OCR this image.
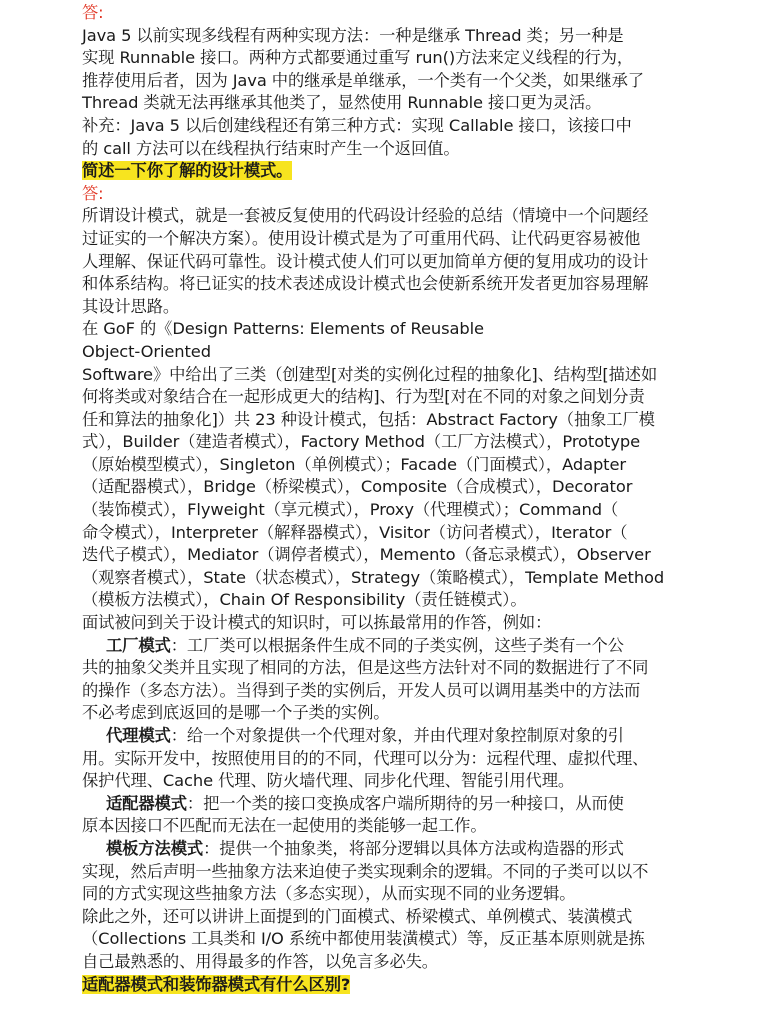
答:
Java 5 以前实现多线程有两种实现方法：一种是继承 Thread 类；另一种是
实现 Runnable 接口。两种方式都要通过重写 run()方法来定义线程的行为，
推荐使用后者，因为 Java 中的继承是单继承，一个类有一个父类，如果继承了
Thread 类就无法再继承其他类了，显然使用 Runnable 接口更为灵活。
补充：Java 5 以后创建线程还有第三种方式：实现 Callable 接口，该接口中
的 call 方法可以在线程执行结束时产生一个返回值。
简述一下你了解的设计模式。
答:
所谓设计模式，就是一套被反复使用的代码设计经验的总结（情境中一个问题经
过证实的一个解决方案）。使用设计模式是为了可重用代码、让代码更容易被他
人理解、保证代码可靠性。设计模式使人们可以更加简单方便的复用成功的设计
和体系结构。将已证实的技术表述成设计模式也会使新系统开发者更加容易理解
其设计思路。
在 GoF 的《Design Patterns: Elements of Reusable
Object-Oriented
Software》中给出了三类（创建型[对类的实例化过程的抽象化]、结构型[描述如
何将类或对象结合在一起形成更大的结构]、行为型[对在不同的对象之间划分责
任和算法的抽象化]）共 23 种设计模式，包括：Abstract Factory（抽象工厂模
式），Builder（建造者模式），Factory Method（工厂方法模式），Prototype
（原始模型模式），Singleton（单例模式）；Facade（门面模式），Adapter
（适配器模式），Bridge（桥梁模式），Composite（合成模式），Decorator
（装饰模式），Flyweight（享元模式），Proxy（代理模式）；Command（
命令模式），Interpreter（解释器模式），Visitor（访问者模式），Iterator（
迭代子模式），Mediator（调停者模式），Memento（备忘录模式），Observer
（观察者模式），State（状态模式），Strategy（策略模式），Template Method
（模板方法模式），Chain Of Responsibility（责任链模式）。
面试被问到关于设计模式的知识时，可以拣最常用的作答，例如：
工厂模式：工厂类可以根据条件生成不同的子类实例，这些子类有一个公
共的抽象父类并且实现了相同的方法，但是这些方法针对不同的数据进行了不同
的操作（多态方法）。当得到子类的实例后，开发人员可以调用基类中的方法而
不必考虑到底返回的是哪一个子类的实例。
代理模式：给一个对象提供一个代理对象，并由代理对象控制原对象的引
用。实际开发中，按照使用目的的不同，代理可以分为：远程代理、虚拟代理、
保护代理、Cache 代理、防火墙代理、同步化代理、智能引用代理。
适配器模式：把一个类的接口变换成客户端所期待的另一种接口，从而使
原本因接口不匹配而无法在一起使用的类能够一起工作。
模板方法模式：提供一个抽象类，将部分逻辑以具体方法或构造器的形式
实现，然后声明一些抽象方法来迫使子类实现剩余的逻辑。不同的子类可以以不
同的方式实现这些抽象方法（多态实现），从而实现不同的业务逻辑。
除此之外，还可以讲讲上面提到的门面模式、桥梁模式、单例模式、装潢模式
（Collections 工具类和 I/O 系统中都使用装潢模式）等，反正基本原则就是拣
自己最熟悉的、用得最多的作答，以免言多必失。
适配器模式和装饰器模式有什么区别?
